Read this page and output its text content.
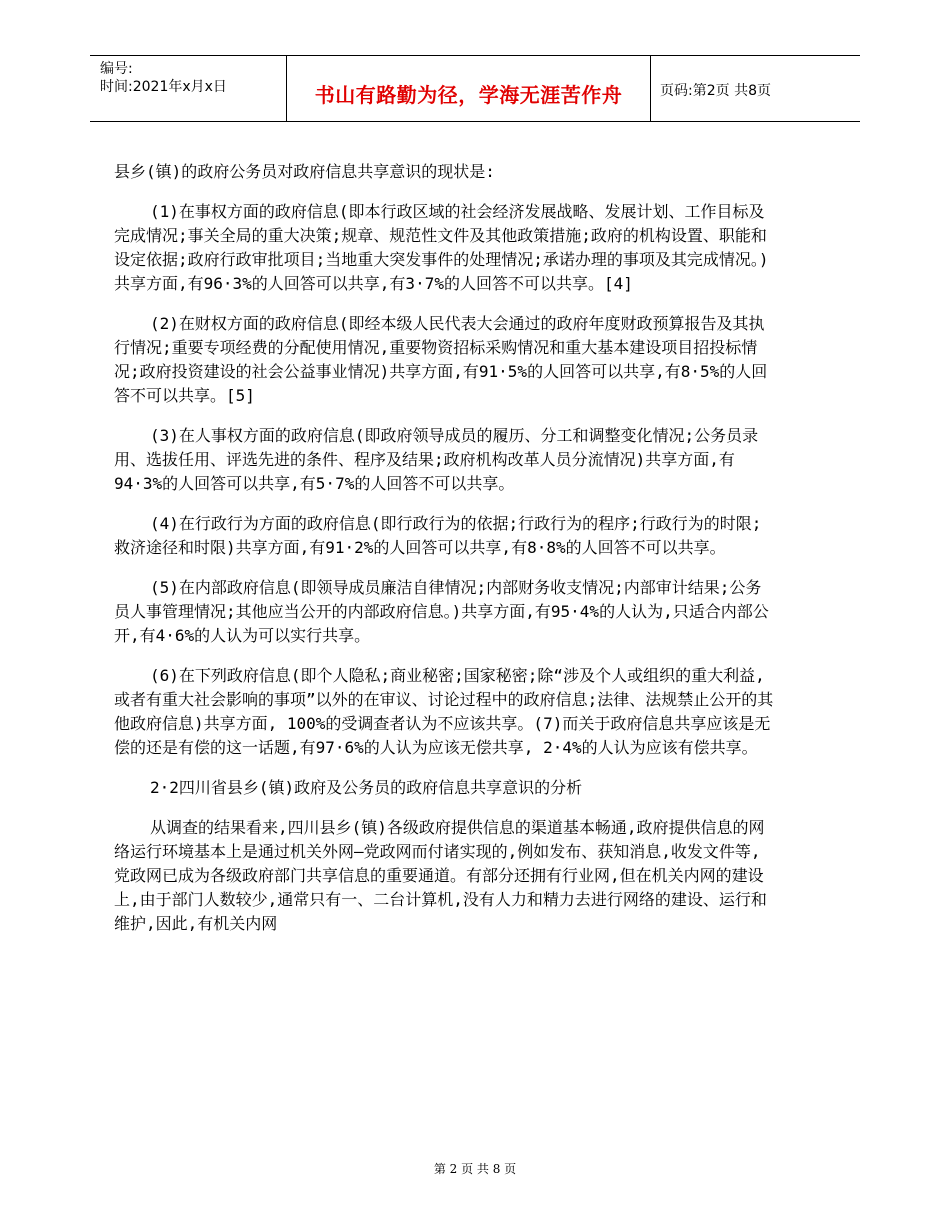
编号:
时间:2021年x月x日	书山有路勤为径，学海无涯苦作舟	页码:第2页 共8页

县乡(镇)的政府公务员对政府信息共享意识的现状是:

(1)在事权方面的政府信息(即本行政区域的社会经济发展战略、发展计划、工作目标及完成情况;事关全局的重大决策;规章、规范性文件及其他政策措施;政府的机构设置、职能和设定依据;政府行政审批项目;当地重大突发事件的处理情况;承诺办理的事项及其完成情况。)共享方面,有96·3%的人回答可以共享,有3·7%的人回答不可以共享。[4]

(2)在财权方面的政府信息(即经本级人民代表大会通过的政府年度财政预算报告及其执行情况;重要专项经费的分配使用情况,重要物资招标采购情况和重大基本建设项目招投标情况;政府投资建设的社会公益事业情况)共享方面,有91·5%的人回答可以共享,有8·5%的人回答不可以共享。[5]

(3)在人事权方面的政府信息(即政府领导成员的履历、分工和调整变化情况;公务员录用、选拔任用、评选先进的条件、程序及结果;政府机构改革人员分流情况)共享方面,有94·3%的人回答可以共享,有5·7%的人回答不可以共享。

(4)在行政行为方面的政府信息(即行政行为的依据;行政行为的程序;行政行为的时限;救济途径和时限)共享方面,有91·2%的人回答可以共享,有8·8%的人回答不可以共享。

(5)在内部政府信息(即领导成员廉洁自律情况;内部财务收支情况;内部审计结果;公务员人事管理情况;其他应当公开的内部政府信息。)共享方面,有95·4%的人认为,只适合内部公开,有4·6%的人认为可以实行共享。

(6)在下列政府信息(即个人隐私;商业秘密;国家秘密;除“涉及个人或组织的重大利益,或者有重大社会影响的事项”以外的在审议、讨论过程中的政府信息;法律、法规禁止公开的其他政府信息)共享方面, 100%的受调查者认为不应该共享。(7)而关于政府信息共享应该是无偿的还是有偿的这一话题,有97·6%的人认为应该无偿共享, 2·4%的人认为应该有偿共享。

2·2四川省县乡(镇)政府及公务员的政府信息共享意识的分析

从调查的结果看来,四川县乡(镇)各级政府提供信息的渠道基本畅通,政府提供信息的网络运行环境基本上是通过机关外网—党政网而付诸实现的,例如发布、获知消息,收发文件等,党政网已成为各级政府部门共享信息的重要通道。有部分还拥有行业网,但在机关内网的建设上,由于部门人数较少,通常只有一、二台计算机,没有人力和精力去进行网络的建设、运行和维护,因此,有机关内网

第 2 页 共 8 页
